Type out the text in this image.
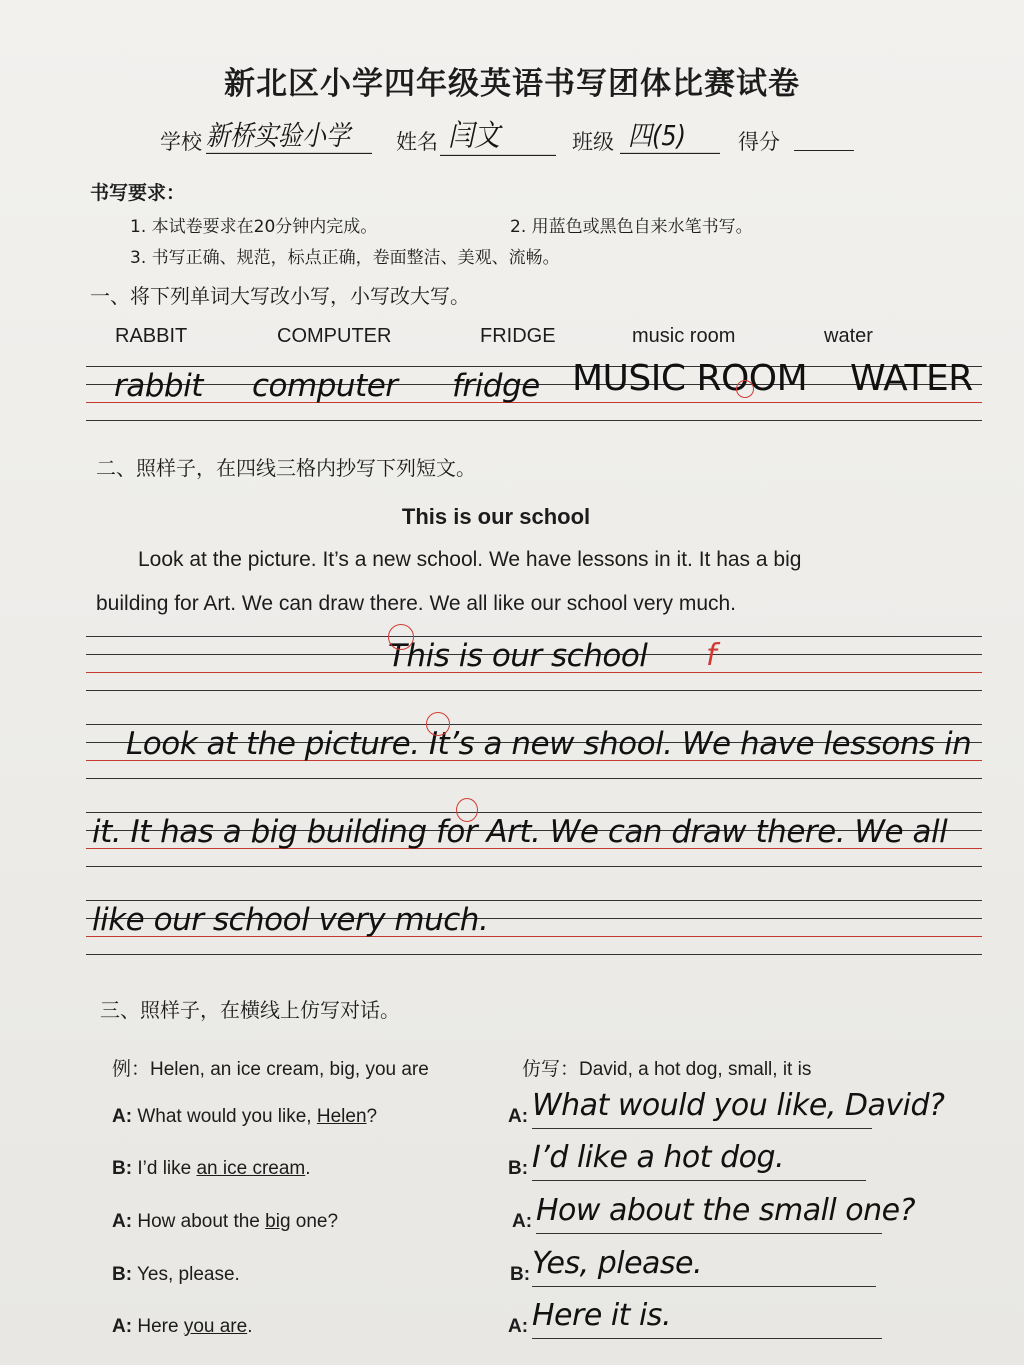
新北区小学四年级英语书写团体比赛试卷
学校 新桥实验小学	姓名 闫文	班级 四(5)	得分
书写要求：
1. 本试卷要求在20分钟内完成。	2. 用蓝色或黑色自来水笔书写。
3. 书写正确、规范，标点正确，卷面整洁、美观、流畅。
一、将下列单词大写改小写，小写改大写。
RABBIT	COMPUTER	FRIDGE	music room	water
rabbit computer fridge MUSIC ROOM WATER
二、照样子，在四线三格内抄写下列短文。
This is our school
Look at the picture. It’s a new school. We have lessons in it. It has a big
building for Art. We can draw there. We all like our school very much.
This is our school f
Look at the picture. It’s a new shool. We have lessons in
it. It has a big building for Art. We can draw there. We all
like our school very much.
三、照样子，在横线上仿写对话。
例：Helen, an ice cream, big, you are	仿写：David, a hot dog, small, it is
A: What would you like, Helen?
B: I’d like an ice cream.
A: How about the big one?
B: Yes, please.
A: Here you are.
A: What would you like, David?
B: I’d like a hot dog.
A: How about the small one?
B: Yes, please.
A: Here it is.
